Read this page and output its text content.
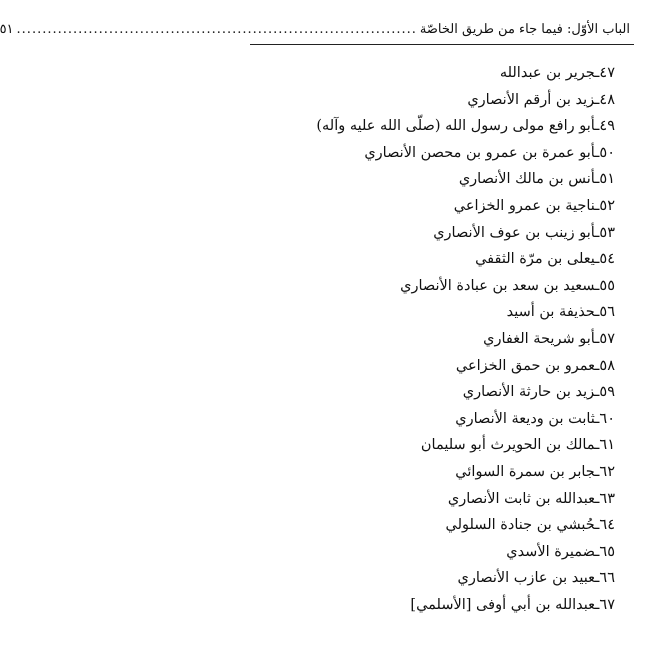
الباب الأوّل: فيما جاء من طريق الخاصّة
..............................................................................
٥١
٤٧ـجرير بن عبدالله
٤٨ـزيد بن أرقم الأنصاري
٤٩ـأبو رافع مولى رسول الله (صلّى الله عليه وآله)
٥٠ـأبو عمرة بن عمرو بن محصن الأنصاري
٥١ـأنس بن مالك الأنصاري
٥٢ـناجية بن عمرو الخزاعي
٥٣ـأبو زينب بن عوف الأنصاري
٥٤ـيعلى بن مرّة الثقفي
٥٥ـسعيد بن سعد بن عبادة الأنصاري
٥٦ـحذيفة بن أسيد
٥٧ـأبو شريحة الغفاري
٥٨ـعمرو بن حمق الخزاعي
٥٩ـزيد بن حارثة الأنصاري
٦٠ـثابت بن وديعة الأنصاري
٦١ـمالك بن الحويرث أبو سليمان
٦٢ـجابر بن سمرة السوائي
٦٣ـعبدالله بن ثابت الأنصاري
٦٤ـحُبشي بن جنادة السلولي
٦٥ـضميرة الأسدي
٦٦ـعبيد بن عازب الأنصاري
٦٧ـعبدالله بن أبي أوفى [الأسلمي]
